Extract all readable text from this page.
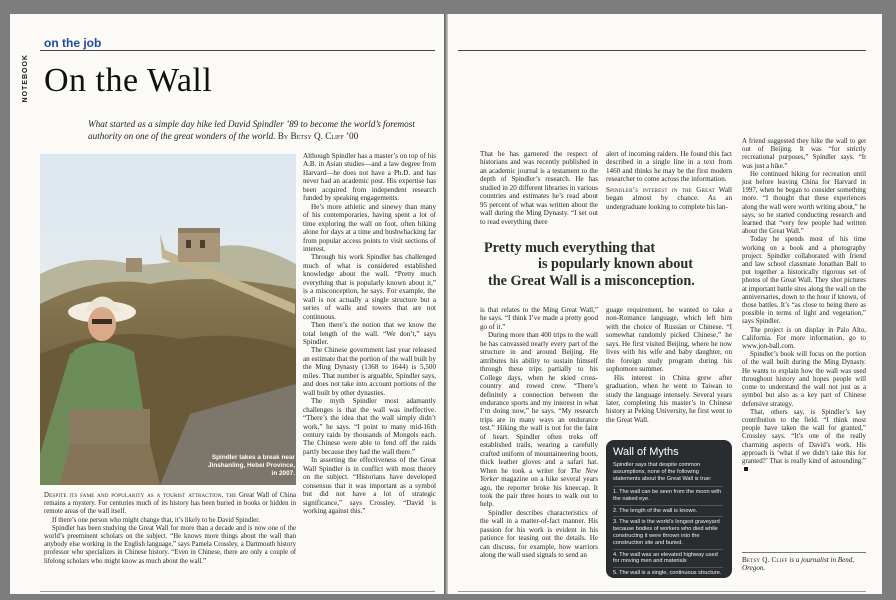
NOTEBOOK
on the job
On the Wall
What started as a simple day hike led David Spindler ’89 to become the world’s foremost authority on one of the great wonders of the world. By Betsy Q. Cliff ’00
Spindler takes a break near Jinshanling, Hebei Province, in 2007.

Although Spindler has a master’s on top of his A.B. in Asian studies—and a law degree from Harvard—he does not have a Ph.D. and has never had an academic post. His expertise has been acquired from independent research funded by speaking engagements.

He’s more athletic and sinewy than many of his contemporaries, having spent a lot of time exploring the wall on foot, often hiking alone for days at a time and bushwhacking far from popular access points to visit sections of interest.

Through his work Spindler has challenged much of what is considered established knowledge about the wall. “Pretty much everything that is popularly known about it,” is a misconception, he says. For example, the wall is not actually a single structure but a series of walls and towers that are not continuous.

Then there’s the notion that we know the total length of the wall. “We don’t,” says Spindler.

The Chinese government last year released an estimate that the portion of the wall built by the Ming Dynasty (1368 to 1644) is 5,500 miles. That number is arguable, Spindler says, and does not take into account portions of the wall built by other dynasties.

The myth Spindler most adamantly challenges is that the wall was ineffective. “There’s the idea that the wall simply didn’t work,” he says. “I point to many mid-16th century raids by thousands of Mongols each. The Chinese were able to fend off the raids partly because they had the wall there.”

In asserting the effectiveness of the Great Wall Spindler is in conflict with most theory on the subject. “Historians have developed consensus that it was important as a symbol but did not have a lot of strategic significance,” says Crossley. “David is working against this.”

Despite its fame and popularity as a tourist attraction, the Great Wall of China remains a mystery. For centuries much of its history has been buried in books or hidden in remote areas of the wall itself.

If there’s one person who might change that, it’s likely to be David Spindler.

Spindler has been studying the Great Wall for more than a decade and is now one of the world’s preeminent scholars on the subject. “He knows more things about the wall than anybody else working in the English language,” says Pamela Crossley, a Dartmouth history professor who specializes in Chinese history. “Even in Chinese, there are only a couple of lifelong scholars who might know as much about the wall.”

That he has garnered the respect of historians and was recently published in an academic journal is a testament to the depth of Spindler’s research. He has studied in 20 different libraries in various countries and estimates he’s read about 95 percent of what was written about the wall during the Ming Dynasty. “I set out to read everything there

alert of incoming raiders. He found this fact described in a single line in a text from 1460 and thinks he may be the first modern researcher to come across the information.

Spindler’s interest in the Great Wall began almost by chance. As an undergraduate looking to complete his lan-

Pretty much everything that
is popularly known about
the Great Wall is a misconception.

is that relates to the Ming Great Wall,” he says. “I think I’ve made a pretty good go of it.”

During more than 400 trips to the wall he has canvassed nearly every part of the structure in and around Beijing. He attributes his ability to sustain himself through these trips partially to his College days, when he skied cross-country and rowed crew. “There’s definitely a connection between the endurance sports and my interest in what I’m doing now,” he says. “My research trips are in many ways an endurance test.” Hiking the wall is not for the faint of heart. Spindler often treks off established trails, wearing a carefully crafted uniform of mountaineering boots, thick leather gloves and a safari hat. When he took a writer for The New Yorker magazine on a hike several years ago, the reporter broke his kneecap. It took the pair three hours to walk out to help.

Spindler describes characteristics of the wall in a matter-of-fact manner. His passion for his work is evident in his patience for teasing out the details. He can discuss, for example, how warriors along the wall used signals to send an

guage requirement, he wanted to take a non-Romance language, which left him with the choice of Russian or Chinese. “I somewhat randomly picked Chinese,” he says. He first visited Beijing, where he now lives with his wife and baby daughter, on the foreign study program during his sophomore summer.

His interest in China grew after graduation, when he went to Taiwan to study the language intensely. Several years later, completing his master’s in Chinese history at Peking University, he first went to the Great Wall.

Wall of Myths
Spindler says that despite common assumptions, none of the following statements about the Great Wall is true:
1. The wall can be seen from the moon with the naked eye.
2. The length of the wall is known.
3. The wall is the world’s longest graveyard because bodies of workers who died while constructing it were thrown into the construction site and buried.
4. The wall was an elevated highway used for moving men and materials
5. The wall is a single, continuous structure.

A friend suggested they hike the wall to get out of Beijing. It was “for strictly recreational purposes,” Spindler says. “It was just a hike.”

He continued hiking for recreation until just before leaving China for Harvard in 1997, when he began to consider something more. “I thought that these experiences along the wall were worth writing about,” he says, so he started conducting research and learned that “very few people had written about the Great Wall.”

Today he spends most of his time working on a book and a photography project. Spindler collaborated with friend and law school classmate Jonathan Ball to put together a historically rigorous set of photos of the Great Wall. They shot pictures at important battle sites along the wall on the anniversaries, down to the hour if known, of those battles. It’s “as close to being there as possible in terms of light and vegetation,” says Spindler.

The project is on display in Palo Alto, California. For more information, go to www.jon-ball.com.

Spindler’s book will focus on the portion of the wall built during the Ming Dynasty. He wants to explain how the wall was used throughout history and hopes people will come to understand the wall not just as a symbol but also as a key part of Chinese defensive strategy.

That, others say, is Spindler’s key contribution to the field. “I think most people have taken the wall for granted,” Crossley says. “It’s one of the really charming aspects of David’s work. His approach is ‘what if we didn’t take this for granted?’ That is really kind of astounding.”

Betsy Q. Cliff is a journalist in Bend, Oregon.
